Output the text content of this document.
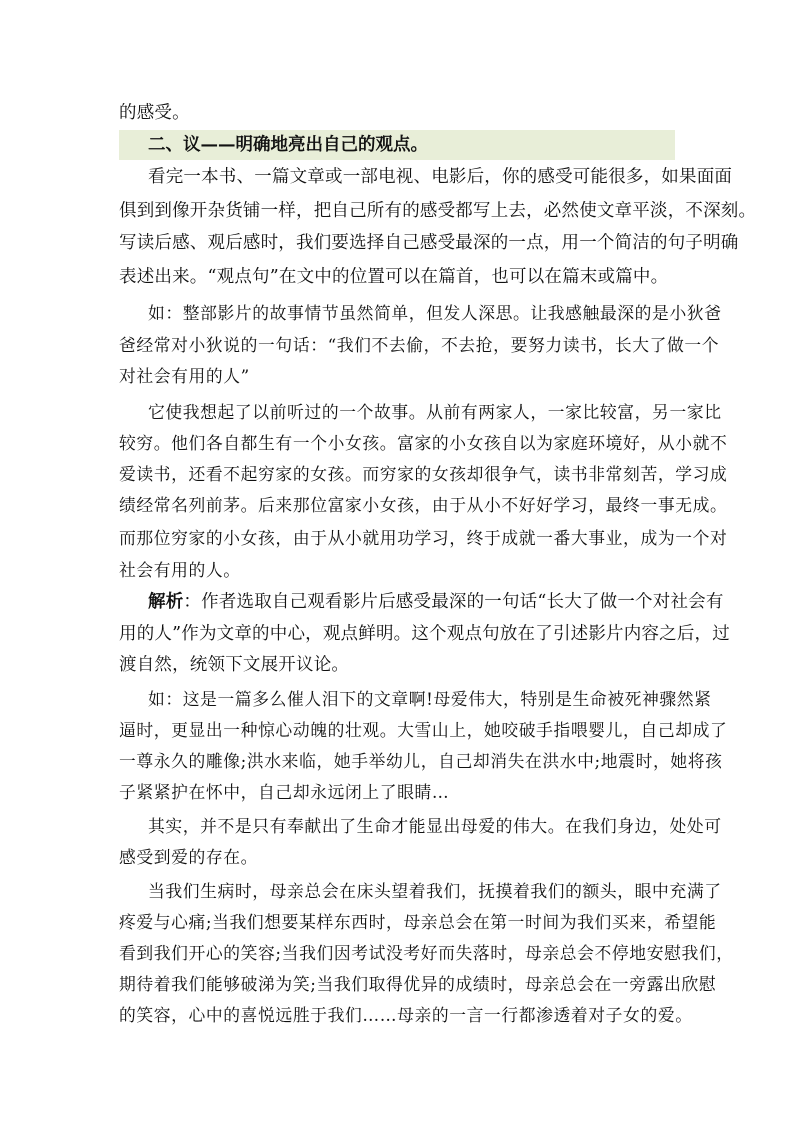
的感受。
二、议——明确地亮出自己的观点。
看完一本书、一篇文章或一部电视、电影后，你的感受可能很多，如果面面
俱到到像开杂货铺一样，把自己所有的感受都写上去，必然使文章平淡，不深刻。
写读后感、观后感时，我们要选择自己感受最深的一点，用一个简洁的句子明确
表述出来。“观点句”在文中的位置可以在篇首，也可以在篇末或篇中。
如：整部影片的故事情节虽然简单，但发人深思。让我感触最深的是小狄爸
爸经常对小狄说的一句话：“我们不去偷，不去抢，要努力读书，长大了做一个
对社会有用的人”
它使我想起了以前听过的一个故事。从前有两家人，一家比较富，另一家比
较穷。他们各自都生有一个小女孩。富家的小女孩自以为家庭环境好，从小就不
爱读书，还看不起穷家的女孩。而穷家的女孩却很争气，读书非常刻苦，学习成
绩经常名列前茅。后来那位富家小女孩，由于从小不好好学习，最终一事无成。
而那位穷家的小女孩，由于从小就用功学习，终于成就一番大事业，成为一个对
社会有用的人。
解析：作者选取自己观看影片后感受最深的一句话“长大了做一个对社会有
用的人”作为文章的中心，观点鲜明。这个观点句放在了引述影片内容之后，过
渡自然，统领下文展开议论。
如：这是一篇多么催人泪下的文章啊!母爱伟大，特别是生命被死神骤然紧
逼时，更显出一种惊心动魄的壮观。大雪山上，她咬破手指喂婴儿，自己却成了
一尊永久的雕像;洪水来临，她手举幼儿，自己却消失在洪水中;地震时，她将孩
子紧紧护在怀中，自己却永远闭上了眼睛…
其实，并不是只有奉献出了生命才能显出母爱的伟大。在我们身边，处处可
感受到爱的存在。
当我们生病时，母亲总会在床头望着我们，抚摸着我们的额头，眼中充满了
疼爱与心痛;当我们想要某样东西时，母亲总会在第一时间为我们买来，希望能
看到我们开心的笑容;当我们因考试没考好而失落时，母亲总会不停地安慰我们，
期待着我们能够破涕为笑;当我们取得优异的成绩时，母亲总会在一旁露出欣慰
的笑容，心中的喜悦远胜于我们……母亲的一言一行都渗透着对子女的爱。
